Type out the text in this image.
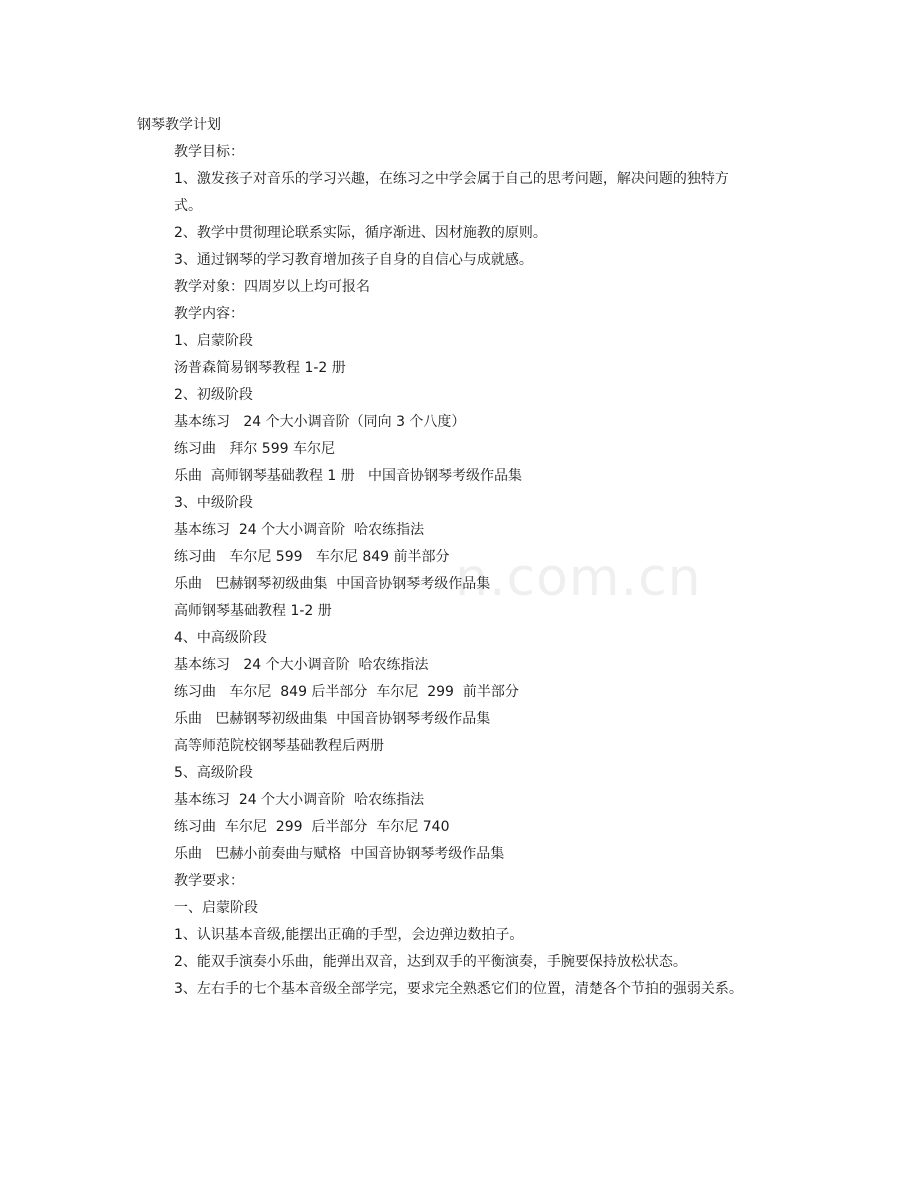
n.com.cn
钢琴教学计划
教学目标：
1、激发孩子对音乐的学习兴趣，在练习之中学会属于自己的思考问题，解决问题的独特方
式。
2、教学中贯彻理论联系实际，循序渐进、因材施教的原则。
3、通过钢琴的学习教育增加孩子自身的自信心与成就感。
教学对象：四周岁以上均可报名
教学内容：
1、启蒙阶段
汤普森简易钢琴教程 1-2 册
2、初级阶段
基本练习   24 个大小调音阶（同向 3 个八度）
练习曲   拜尔 599 车尔尼
乐曲  高师钢琴基础教程 1 册   中国音协钢琴考级作品集
3、中级阶段
基本练习  24 个大小调音阶  哈农练指法
练习曲   车尔尼 599   车尔尼 849 前半部分
乐曲   巴赫钢琴初级曲集  中国音协钢琴考级作品集
高师钢琴基础教程 1-2 册
4、中高级阶段
基本练习   24 个大小调音阶  哈农练指法
练习曲   车尔尼  849 后半部分  车尔尼  299  前半部分
乐曲   巴赫钢琴初级曲集  中国音协钢琴考级作品集
高等师范院校钢琴基础教程后两册
5、高级阶段
基本练习  24 个大小调音阶  哈农练指法
练习曲  车尔尼  299  后半部分  车尔尼 740
乐曲   巴赫小前奏曲与赋格  中国音协钢琴考级作品集
教学要求：
一、启蒙阶段
1、认识基本音级,能摆出正确的手型，会边弹边数拍子。
2、能双手演奏小乐曲，能弹出双音，达到双手的平衡演奏，手腕要保持放松状态。
3、左右手的七个基本音级全部学完，要求完全熟悉它们的位置，清楚各个节拍的强弱关系。
